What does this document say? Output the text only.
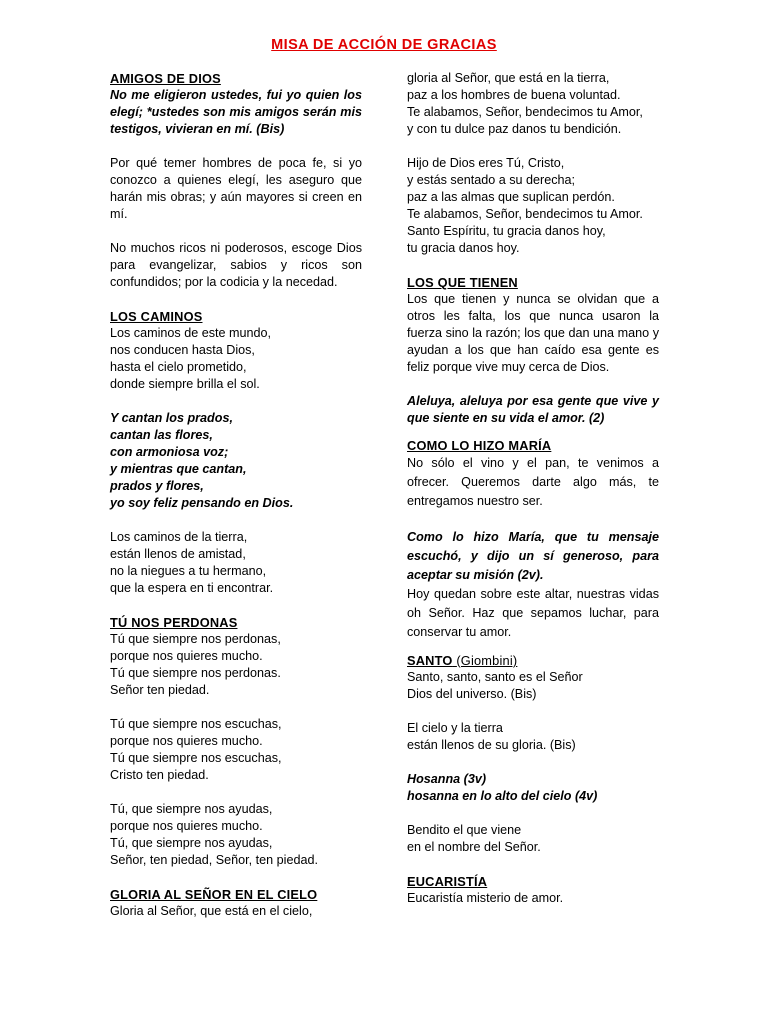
MISA DE ACCIÓN DE GRACIAS

AMIGOS DE DIOS

No me eligieron ustedes, fui yo quien los elegí; *ustedes son mis amigos serán mis testigos, vivieran en mí. (Bis)

Por qué temer hombres de poca fe, si yo conozco a quienes elegí, les aseguro que harán mis obras; y aún mayores si creen en mí.

No muchos ricos ni poderosos, escoge Dios para evangelizar, sabios y ricos son confundidos; por la codicia y la necedad.

LOS CAMINOS

Los caminos de este mundo,

nos conducen hasta Dios,

hasta el cielo prometido,

donde siempre brilla el sol.

Y cantan los prados,

cantan las flores,

con armoniosa voz;

y mientras que cantan,

prados y flores,

yo soy feliz pensando en Dios.

Los caminos de la tierra,

están llenos de amistad,

no la niegues a tu hermano,

que la espera en ti encontrar.

TÚ NOS PERDONAS

Tú que siempre nos perdonas,

porque nos quieres mucho.

Tú que siempre nos perdonas.

Señor ten piedad.

Tú que siempre nos escuchas,

porque nos quieres mucho.

Tú que siempre nos escuchas,

Cristo ten piedad.

Tú, que siempre nos ayudas,

porque nos quieres mucho.

Tú, que siempre nos ayudas,

Señor, ten piedad, Señor, ten piedad.

GLORIA AL SEÑOR EN EL CIELO

Gloria al Señor, que está en el cielo,

gloria al Señor, que está en la tierra,

paz a los hombres de buena voluntad.

Te alabamos, Señor, bendecimos tu Amor,

y con tu dulce paz danos tu bendición.

Hijo de Dios eres Tú, Cristo,

y estás sentado a su derecha;

paz a las almas que suplican perdón.

Te alabamos, Señor, bendecimos tu Amor.

Santo Espíritu, tu gracia danos hoy,

tu gracia danos hoy.

LOS QUE TIENEN

Los que tienen y nunca se olvidan que a otros les falta, los que nunca usaron la fuerza sino la razón; los que dan una mano y ayudan a los que han caído esa gente es feliz porque vive muy cerca de Dios.

Aleluya, aleluya por esa gente que vive y que siente en su vida el amor. (2)

COMO LO HIZO MARÍA

No sólo el vino y el pan, te venimos a ofrecer. Queremos darte algo más, te entregamos nuestro ser.

Como lo hizo María, que tu mensaje escuchó, y dijo un sí generoso, para aceptar su misión (2v).

Hoy quedan sobre este altar, nuestras vidas oh Señor. Haz que sepamos luchar, para conservar tu amor.

SANTO (Giombini)

Santo, santo, santo es el Señor

Dios del universo. (Bis)

El cielo y la tierra

están llenos de su gloria. (Bis)

Hosanna (3v)

hosanna en lo alto del cielo (4v)

Bendito el que viene

en el nombre del Señor.

EUCARISTÍA

Eucaristía misterio de amor.
